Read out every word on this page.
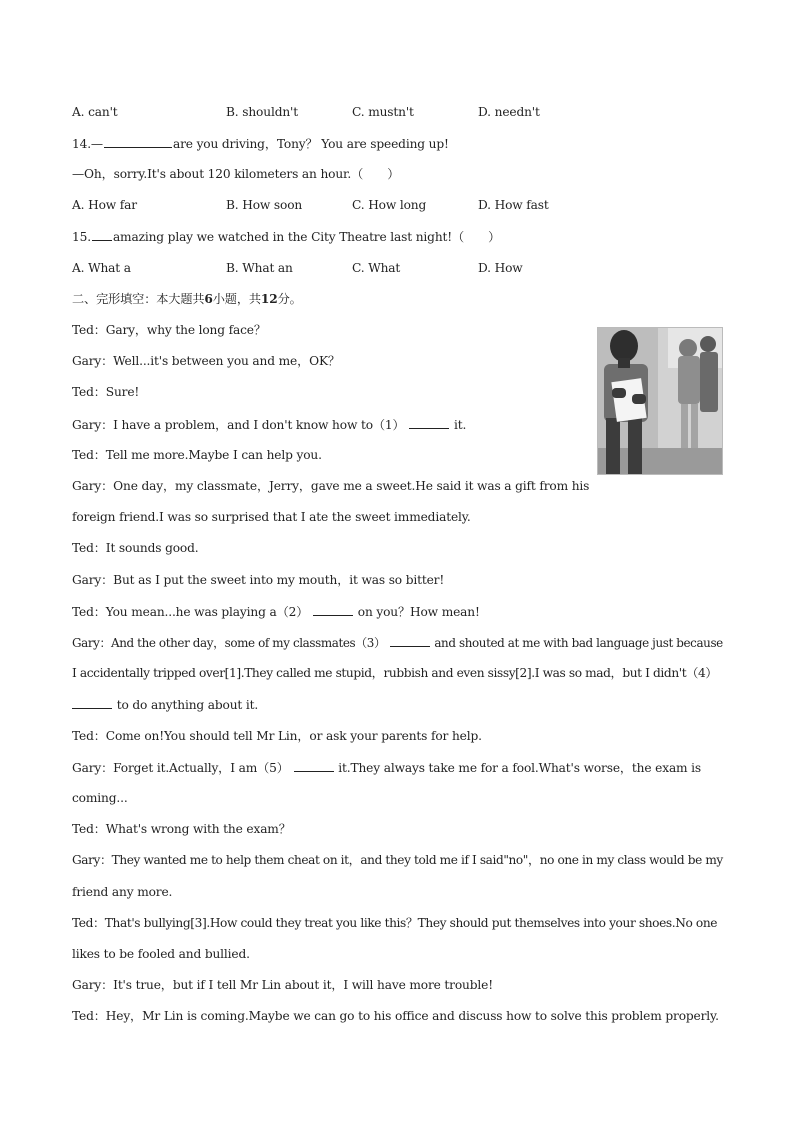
A. can't	B. shouldn't	C. mustn't	D. needn't
14.—	are you driving，Tony？ You are speeding up!
—Oh，sorry.It's about 120 kilometers an hour.（　　）
A. How far	B. How soon	C. How long	D. How fast
15. amazing play we watched in the City Theatre last night!（　　）
A. What a	B. What an	C. What	D. How
二、完形填空：本大题共6小题，共12分。
Ted：Gary，why the long face？
Gary：Well...it's between you and me，OK？
Ted：Sure!
Gary：I have a problem，and I don't know how to（1）	it.
Ted：Tell me more.Maybe I can help you.
Gary：One day，my classmate，Jerry，gave me a sweet.He said it was a gift from his
foreign friend.I was so surprised that I ate the sweet immediately.
Ted：It sounds good.
Gary：But as I put the sweet into my mouth，it was so bitter!
Ted：You mean...he was playing a（2）	on you？How mean!
Gary：And the other day，some of my classmates（3）	and shouted at me with bad language just because
I accidentally tripped over[1].They called me stupid，rubbish and even sissy[2].I was so mad，but I didn't（4）
to do anything about it.
Ted：Come on!You should tell Mr Lin，or ask your parents for help.
Gary：Forget it.Actually，I am（5）	it.They always take me for a fool.What's worse，the exam is
coming...
Ted：What's wrong with the exam？
Gary：They wanted me to help them cheat on it，and they told me if I said"no"，no one in my class would be my
friend any more.
Ted：That's bullying[3].How could they treat you like this？They should put themselves into your shoes.No one
likes to be fooled and bullied.
Gary：It's true，but if I tell Mr Lin about it，I will have more trouble!
Ted：Hey，Mr Lin is coming.Maybe we can go to his office and discuss how to solve this problem properly.
